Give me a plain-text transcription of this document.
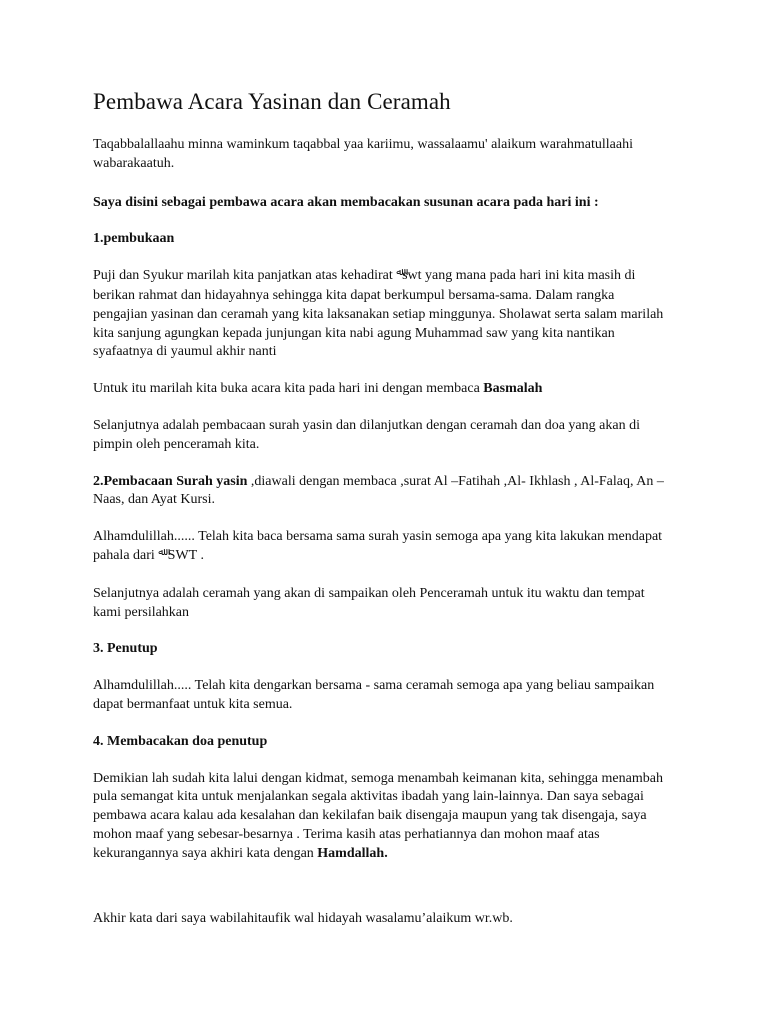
Pembawa Acara Yasinan dan Ceramah

Taqabbalallaahu minna waminkum taqabbal yaa kariimu, wassalaamu' alaikum warahmatullaahi wabarakaatuh.

Saya disini sebagai pembawa acara akan membacakan susunan acara pada hari ini :

1.pembukaan

Puji dan Syukur marilah kita panjatkan atas kehadirat $^ﷲ$swt yang mana pada hari ini kita masih di berikan rahmat dan hidayahnya sehingga kita dapat berkumpul bersama-sama. Dalam rangka pengajian yasinan dan ceramah yang kita laksanakan setiap minggunya. Sholawat serta salam marilah kita sanjung agungkan kepada junjungan kita nabi agung Muhammad saw yang kita nantikan syafaatnya di yaumul akhir nanti

Untuk itu marilah kita buka acara kita pada hari ini dengan membaca Basmalah

Selanjutnya adalah pembacaan surah yasin dan dilanjutkan dengan ceramah dan doa yang akan di pimpin oleh penceramah kita.

2.Pembacaan Surah yasin ,diawali dengan membaca ,surat Al –Fatihah ,Al- Ikhlash , Al-Falaq, An –Naas, dan Ayat Kursi.

Alhamdulillah...... Telah kita baca bersama sama surah yasin semoga apa yang kita lakukan mendapat pahala dari $^ﷲ$ SWT .

Selanjutnya adalah ceramah yang akan di sampaikan oleh Penceramah untuk itu waktu dan tempat kami persilahkan

3. Penutup

Alhamdulillah..... Telah kita dengarkan bersama - sama ceramah semoga apa yang beliau sampaikan dapat bermanfaat untuk kita semua.

4. Membacakan doa penutup

Demikian lah sudah kita lalui dengan kidmat, semoga menambah keimanan kita, sehingga menambah pula semangat kita untuk menjalankan segala aktivitas ibadah yang lain-lainnya. Dan saya sebagai pembawa acara kalau ada kesalahan dan kekilafan baik disengaja maupun yang tak disengaja, saya mohon maaf yang sebesar-besarnya . Terima kasih atas perhatiannya dan mohon maaf atas kekurangannya saya akhiri kata dengan Hamdallah.

Akhir kata dari saya wabilahitaufik wal hidayah wasalamu’alaikum wr.wb.
